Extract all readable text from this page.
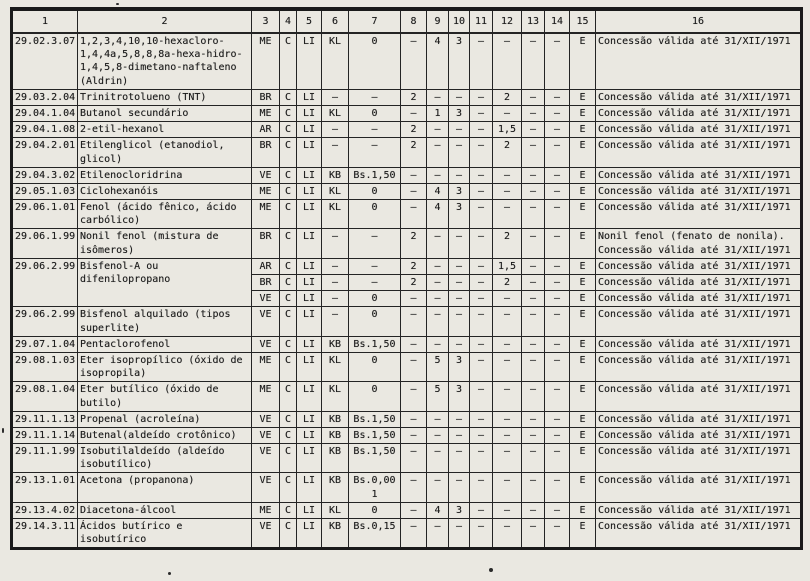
1	2	3	4	5	6	7	8	9	10	11	12	13	14	15	16
29.02.3.07	1,2,3,4,10,10-hexacloro-1,4,4a,5,8,8,8a-hexa-hidro-1,4,5,8-dimetano-naftaleno (Aldrin)	ME	C	LI	KL	0	–	4	3	–	–	–	–	E	Concessão válida até 31/XII/1971
29.03.2.04	Trinitrotolueno (TNT)	BR	C	LI	–	–	2	–	–	–	2	–	–	E	Concessão válida até 31/XII/1971
29.04.1.04	Butanol secundário	ME	C	LI	KL	0	–	1	3	–	–	–	–	E	Concessão válida até 31/XII/1971
29.04.1.08	2-etil-hexanol	AR	C	LI	–	–	2	–	–	–	1,5	–	–	E	Concessão válida até 31/XII/1971
29.04.2.01	Etilenglicol (etanodiol, glicol)	BR	C	LI	–	–	2	–	–	–	2	–	–	E	Concessão válida até 31/XII/1971
29.04.3.02	Etilenocloridrina	VE	C	LI	KB	Bs.1,50	–	–	–	–	–	–	–	E	Concessão válida até 31/XII/1971
29.05.1.03	Ciclohexanóis	ME	C	LI	KL	0	–	4	3	–	–	–	–	E	Concessão válida até 31/XII/1971
29.06.1.01	Fenol (ácido fênico, ácido carbólico)	ME	C	LI	KL	0	–	4	3	–	–	–	–	E	Concessão válida até 31/XII/1971
29.06.1.99	Nonil fenol (mistura de isômeros)	BR	C	LI	–	–	2	–	–	–	2	–	–	E	Nonil fenol (fenato de nonila). Concessão válida até 31/XII/1971
29.06.2.99	Bisfenol-A ou difenilopropano	AR	C	LI	–	–	2	–	–	–	1,5	–	–	E	Concessão válida até 31/XII/1971
		BR	C	LI	–	–	2	–	–	–	2	–	–	E	Concessão válida até 31/XII/1971
		VE	C	LI	–	0	–	–	–	–	–	–	–	E	Concessão válida até 31/XII/1971
29.06.2.99	Bisfenol alquilado (tipos superlite)	VE	C	LI	–	0	–	–	–	–	–	–	–	E	Concessão válida até 31/XII/1971
29.07.1.04	Pentaclorofenol	VE	C	LI	KB	Bs.1,50	–	–	–	–	–	–	–	E	Concessão válida até 31/XII/1971
29.08.1.03	Eter isopropílico (óxido de isopropila)	ME	C	LI	KL	0	–	5	3	–	–	–	–	E	Concessão válida até 31/XII/1971
29.08.1.04	Eter butílico (óxido de butilo)	ME	C	LI	KL	0	–	5	3	–	–	–	–	E	Concessão válida até 31/XII/1971
29.11.1.13	Propenal (acroleína)	VE	C	LI	KB	Bs.1,50	–	–	–	–	–	–	–	E	Concessão válida até 31/XII/1971
29.11.1.14	Butenal(aldeído crotônico)	VE	C	LI	KB	Bs.1,50	–	–	–	–	–	–	–	E	Concessão válida até 31/XII/1971
29.11.1.99	Isobutilaldeído (aldeído isobutílico)	VE	C	LI	KB	Bs.1,50	–	–	–	–	–	–	–	E	Concessão válida até 31/XII/1971
29.13.1.01	Acetona (propanona)	VE	C	LI	KB	Bs.0,001	–	–	–	–	–	–	–	E	Concessão válida até 31/XII/1971
29.13.4.02	Diacetona-álcool	ME	C	LI	KL	0	–	4	3	–	–	–	–	E	Concessão válida até 31/XII/1971
29.14.3.11	Ácidos butírico e isobutírico	VE	C	LI	KB	Bs.0,15	–	–	–	–	–	–	–	E	Concessão válida até 31/XII/1971
